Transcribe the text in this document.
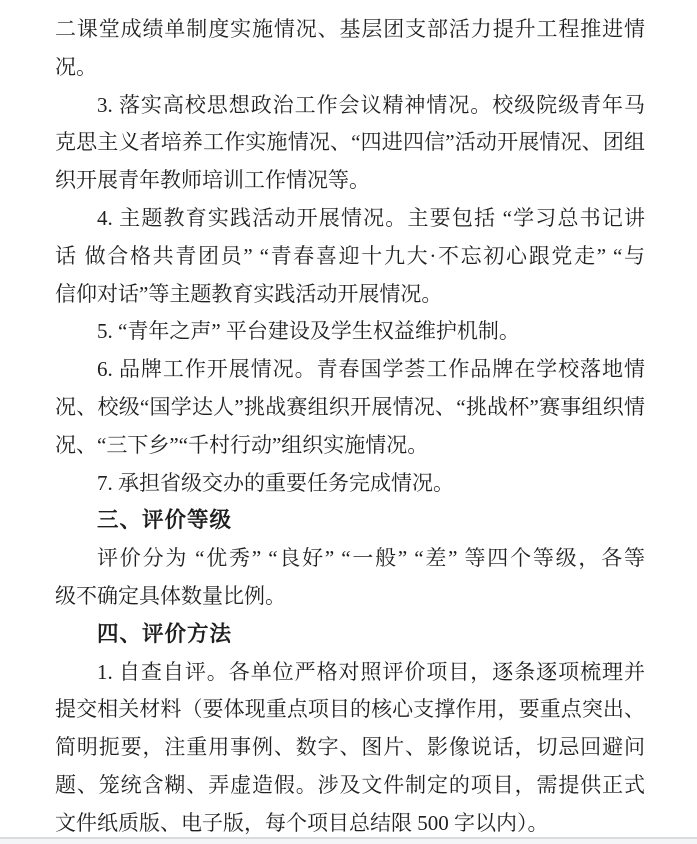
二课堂成绩单制度实施情况、基层团支部活力提升工程推进情
况。
3. 落实高校思想政治工作会议精神情况。校级院级青年马
克思主义者培养工作实施情况、“四进四信”活动开展情况、团组
织开展青年教师培训工作情况等。
4. 主题教育实践活动开展情况。主要包括 “学习总书记讲
话 做合格共青团员” “青春喜迎十九大·不忘初心跟党走” “与
信仰对话”等主题教育实践活动开展情况。
5. “青年之声” 平台建设及学生权益维护机制。
6. 品牌工作开展情况。青春国学荟工作品牌在学校落地情
况、校级“国学达人”挑战赛组织开展情况、“挑战杯”赛事组织情
况、“三下乡”“千村行动”组织实施情况。
7. 承担省级交办的重要任务完成情况。
三、评价等级
评价分为 “优秀” “良好” “一般” “差” 等四个等级，各等
级不确定具体数量比例。
四、评价方法
1. 自查自评。各单位严格对照评价项目，逐条逐项梳理并
提交相关材料（要体现重点项目的核心支撑作用，要重点突出、
简明扼要，注重用事例、数字、图片、影像说话，切忌回避问
题、笼统含糊、弄虚造假。涉及文件制定的项目，需提供正式
文件纸质版、电子版，每个项目总结限 500 字以内）。
